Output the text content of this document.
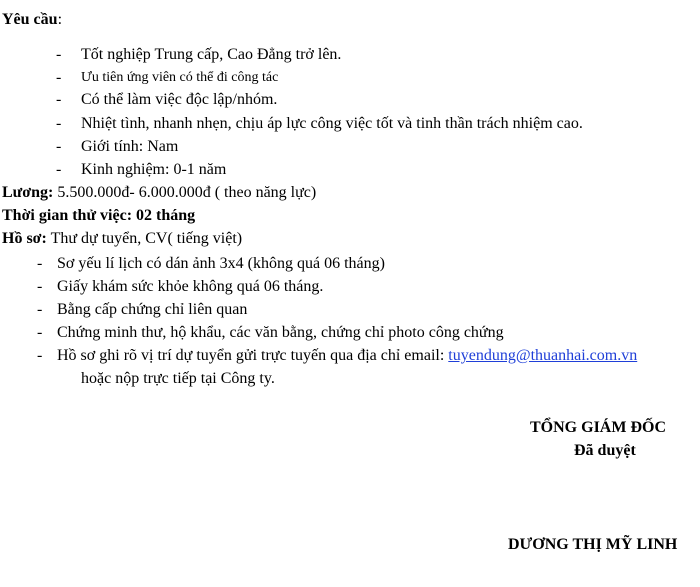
Yêu cầu:
- Tốt nghiệp Trung cấp, Cao Đẳng trở lên.
- Ưu tiên ứng viên có thể đi công tác
- Có thể làm việc độc lập/nhóm.
- Nhiệt tình, nhanh nhẹn, chịu áp lực công việc tốt và tinh thần trách nhiệm cao.
- Giới tính: Nam
- Kinh nghiệm: 0-1 năm
Lương: 5.500.000đ- 6.000.000đ ( theo năng lực)
Thời gian thử việc: 02 tháng
Hồ sơ: Thư dự tuyển, CV( tiếng việt)
- Sơ yếu lí lịch có dán ảnh 3x4 (không quá 06 tháng)
- Giấy khám sức khỏe không quá 06 tháng.
- Bằng cấp chứng chỉ liên quan
- Chứng minh thư, hộ khẩu, các văn bằng, chứng chỉ photo công chứng
- Hồ sơ ghi rõ vị trí dự tuyển gửi trực tuyến qua địa chỉ email: tuyendung@thuanhai.com.vn
hoặc nộp trực tiếp tại Công ty.
TỔNG GIÁM ĐỐC
Đã duyệt
DƯƠNG THỊ MỸ LINH
